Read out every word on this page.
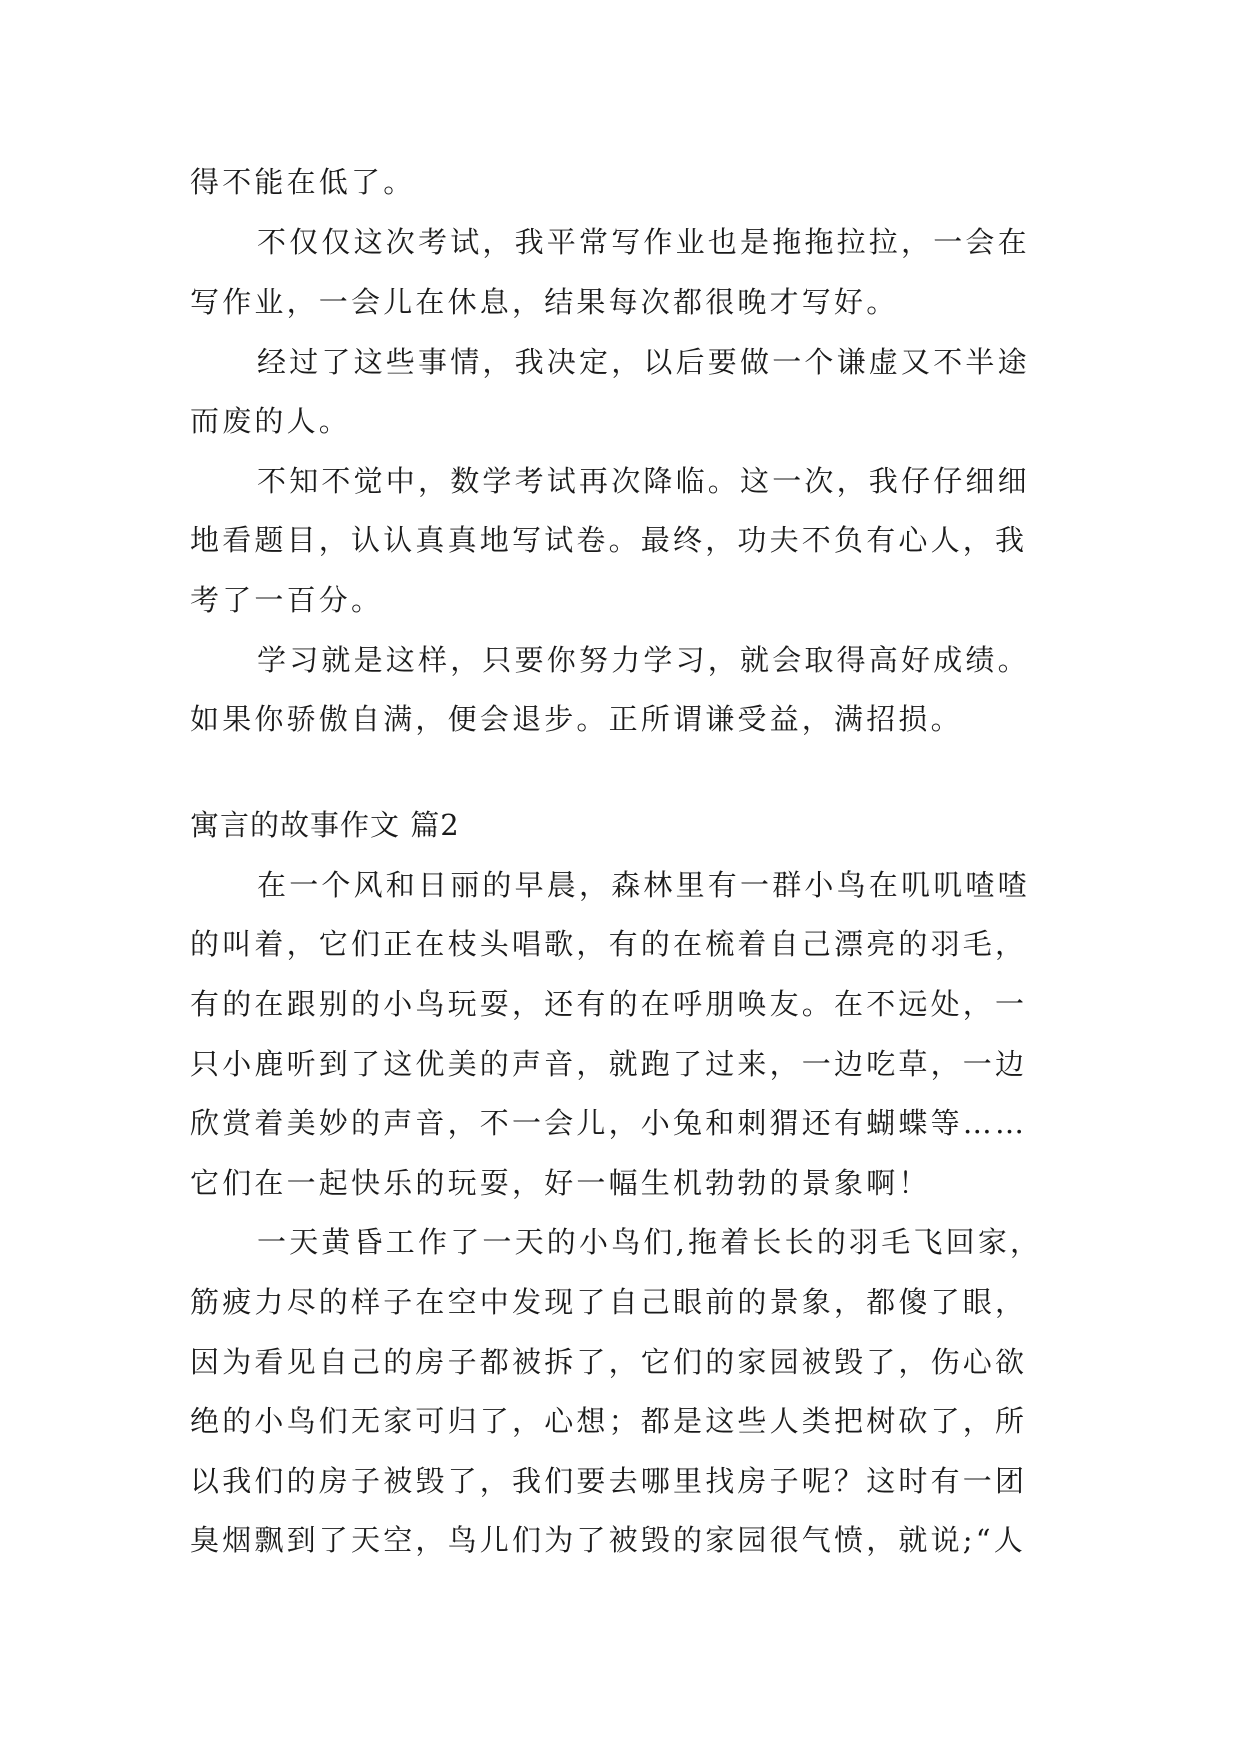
得不能在低了。
不仅仅这次考试，我平常写作业也是拖拖拉拉，一会在
写作业，一会儿在休息，结果每次都很晚才写好。
经过了这些事情，我决定，以后要做一个谦虚又不半途
而废的人。
不知不觉中，数学考试再次降临。这一次，我仔仔细细
地看题目，认认真真地写试卷。最终，功夫不负有心人，我
考了一百分。
学习就是这样，只要你努力学习，就会取得高好成绩。
如果你骄傲自满，便会退步。正所谓谦受益，满招损。
寓言的故事作文 篇2
在一个风和日丽的早晨，森林里有一群小鸟在叽叽喳喳
的叫着，它们正在枝头唱歌，有的在梳着自己漂亮的羽毛，
有的在跟别的小鸟玩耍，还有的在呼朋唤友。在不远处，一
只小鹿听到了这优美的声音，就跑了过来，一边吃草，一边
欣赏着美妙的声音，不一会儿，小兔和刺猬还有蝴蝶等……
它们在一起快乐的玩耍，好一幅生机勃勃的景象啊！
一天黄昏工作了一天的小鸟们,拖着长长的羽毛飞回家，
筋疲力尽的样子在空中发现了自己眼前的景象，都傻了眼，
因为看见自己的房子都被拆了，它们的家园被毁了，伤心欲
绝的小鸟们无家可归了，心想；都是这些人类把树砍了，所
以我们的房子被毁了，我们要去哪里找房子呢？这时有一团
臭烟飘到了天空，鸟儿们为了被毁的家园很气愤，就说;“人
